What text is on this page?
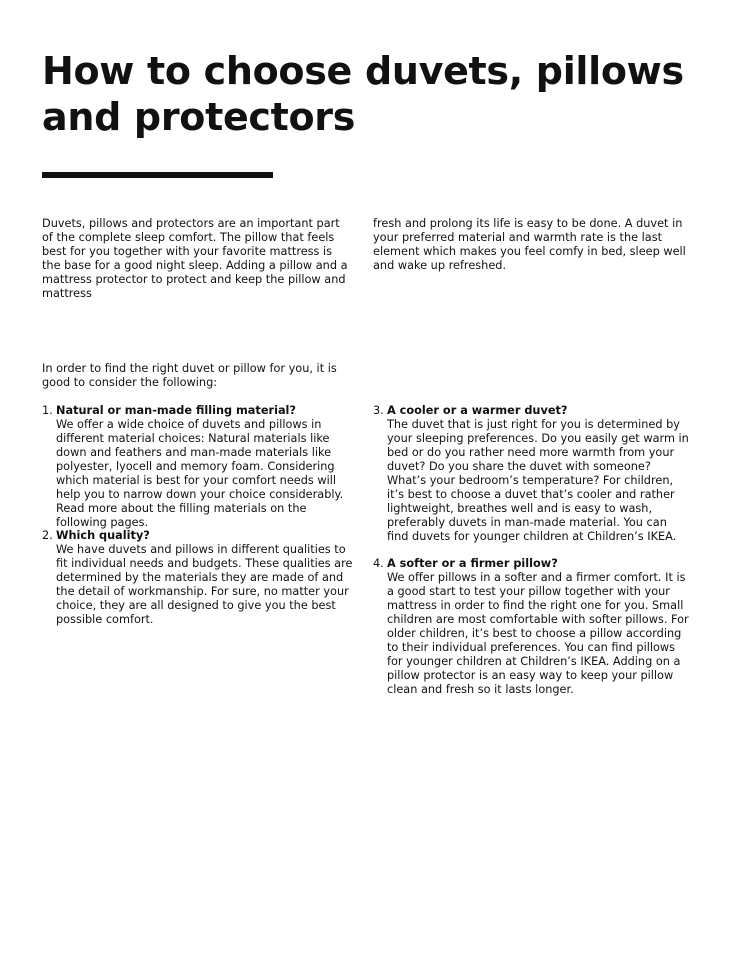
How to choose duvets, pillows and protectors

Duvets, pillows and protectors are an important part of the complete sleep comfort. The pillow that feels best for you together with your favorite mattress is the base for a good night sleep. Adding a pillow and a mattress protector to protect and keep the pillow and mattress

fresh and prolong its life is easy to be done. A duvet in your preferred material and warmth rate is the last element which makes you feel comfy in bed, sleep well and wake up refreshed.

In order to find the right duvet or pillow for you, it is good to consider the following:

1. Natural or man-made filling material?
We offer a wide choice of duvets and pillows in different material choices: Natural materials like down and feathers and man-made materials like polyester, lyocell and memory foam. Considering which material is best for your comfort needs will help you to narrow down your choice considerably. Read more about the filling materials on the following pages.
2. Which quality?
We have duvets and pillows in different qualities to fit individual needs and budgets. These qualities are determined by the materials they are made of and the detail of workmanship. For sure, no matter your choice, they are all designed to give you the best possible comfort.
3. A cooler or a warmer duvet?
The duvet that is just right for you is determined by your sleeping preferences. Do you easily get warm in bed or do you rather need more warmth from your duvet? Do you share the duvet with someone? What’s your bedroom’s temperature? For children, it’s best to choose a duvet that’s cooler and rather lightweight, breathes well and is easy to wash, preferably duvets in man-made material. You can find duvets for younger children at Children’s IKEA.
4. A softer or a firmer pillow?
We offer pillows in a softer and a firmer comfort. It is a good start to test your pillow together with your mattress in order to find the right one for you. Small children are most comfortable with softer pillows. For older children, it’s best to choose a pillow according to their individual preferences. You can find pillows for younger children at Children’s IKEA. Adding on a pillow protector is an easy way to keep your pillow clean and fresh so it lasts longer.
